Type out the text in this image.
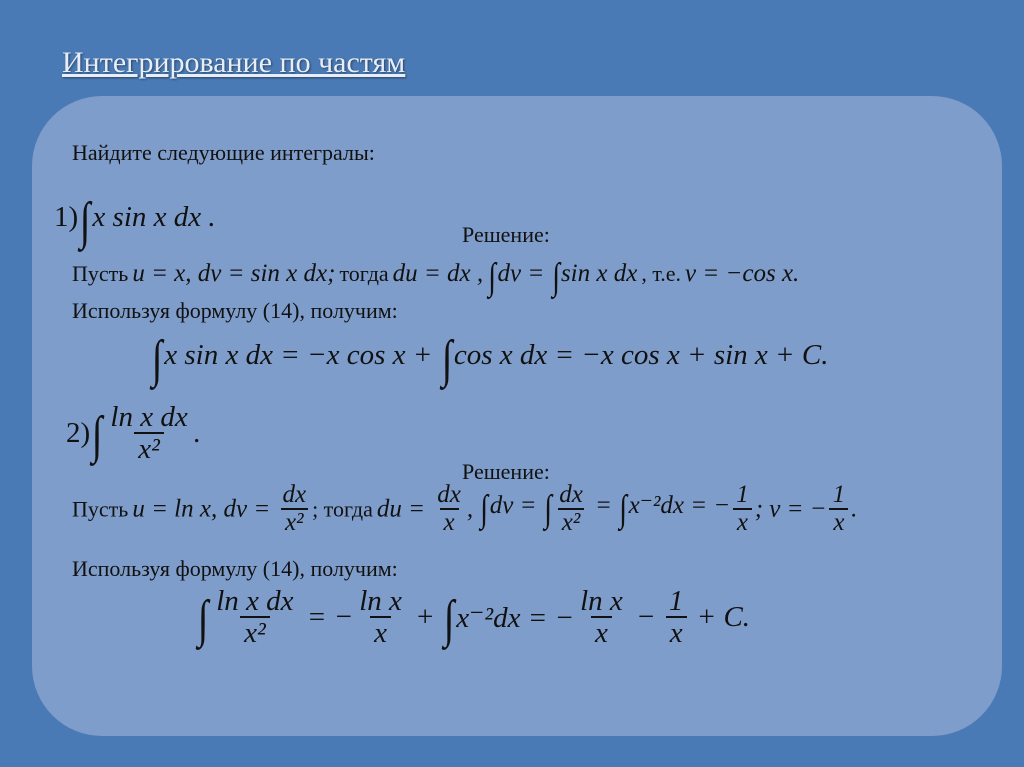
Интегрирование по частям
Найдите следующие интегралы:
1)∫x sin x dx .
Решение:
Пусть u = x, dv = sin x dx; тогда du = dx , ∫dv = ∫sin x dx , т.е. v = −cos x.
Используя формулу (14), получим:
∫x sin x dx = −x cos x + ∫cos x dx = −x cos x + sin x + C.
$2)\int \frac{\text{ln x dx}}{\text{x²}}$ .
Решение:
Пусть u = ln x, dv = $\frac{dx}{\text{x²}}$ ; тогда du = $\frac{dx}{x}$ , ∫dv = ∫ $\frac{dx}{\text{x²}} = \int x^{-2}dx$ = − $\frac{1}{x}$ ; v = − $\frac{1}{x}$ .
Используя формулу (14), получим:
∫ $\frac{\text{ln x dx}}{\text{x²}}$ = − $\frac{\text{ln x}}{x} + \int x^{-2}dx$ = − $\frac{\text{ln x}}{x} - \frac{1}{x} + C$.
